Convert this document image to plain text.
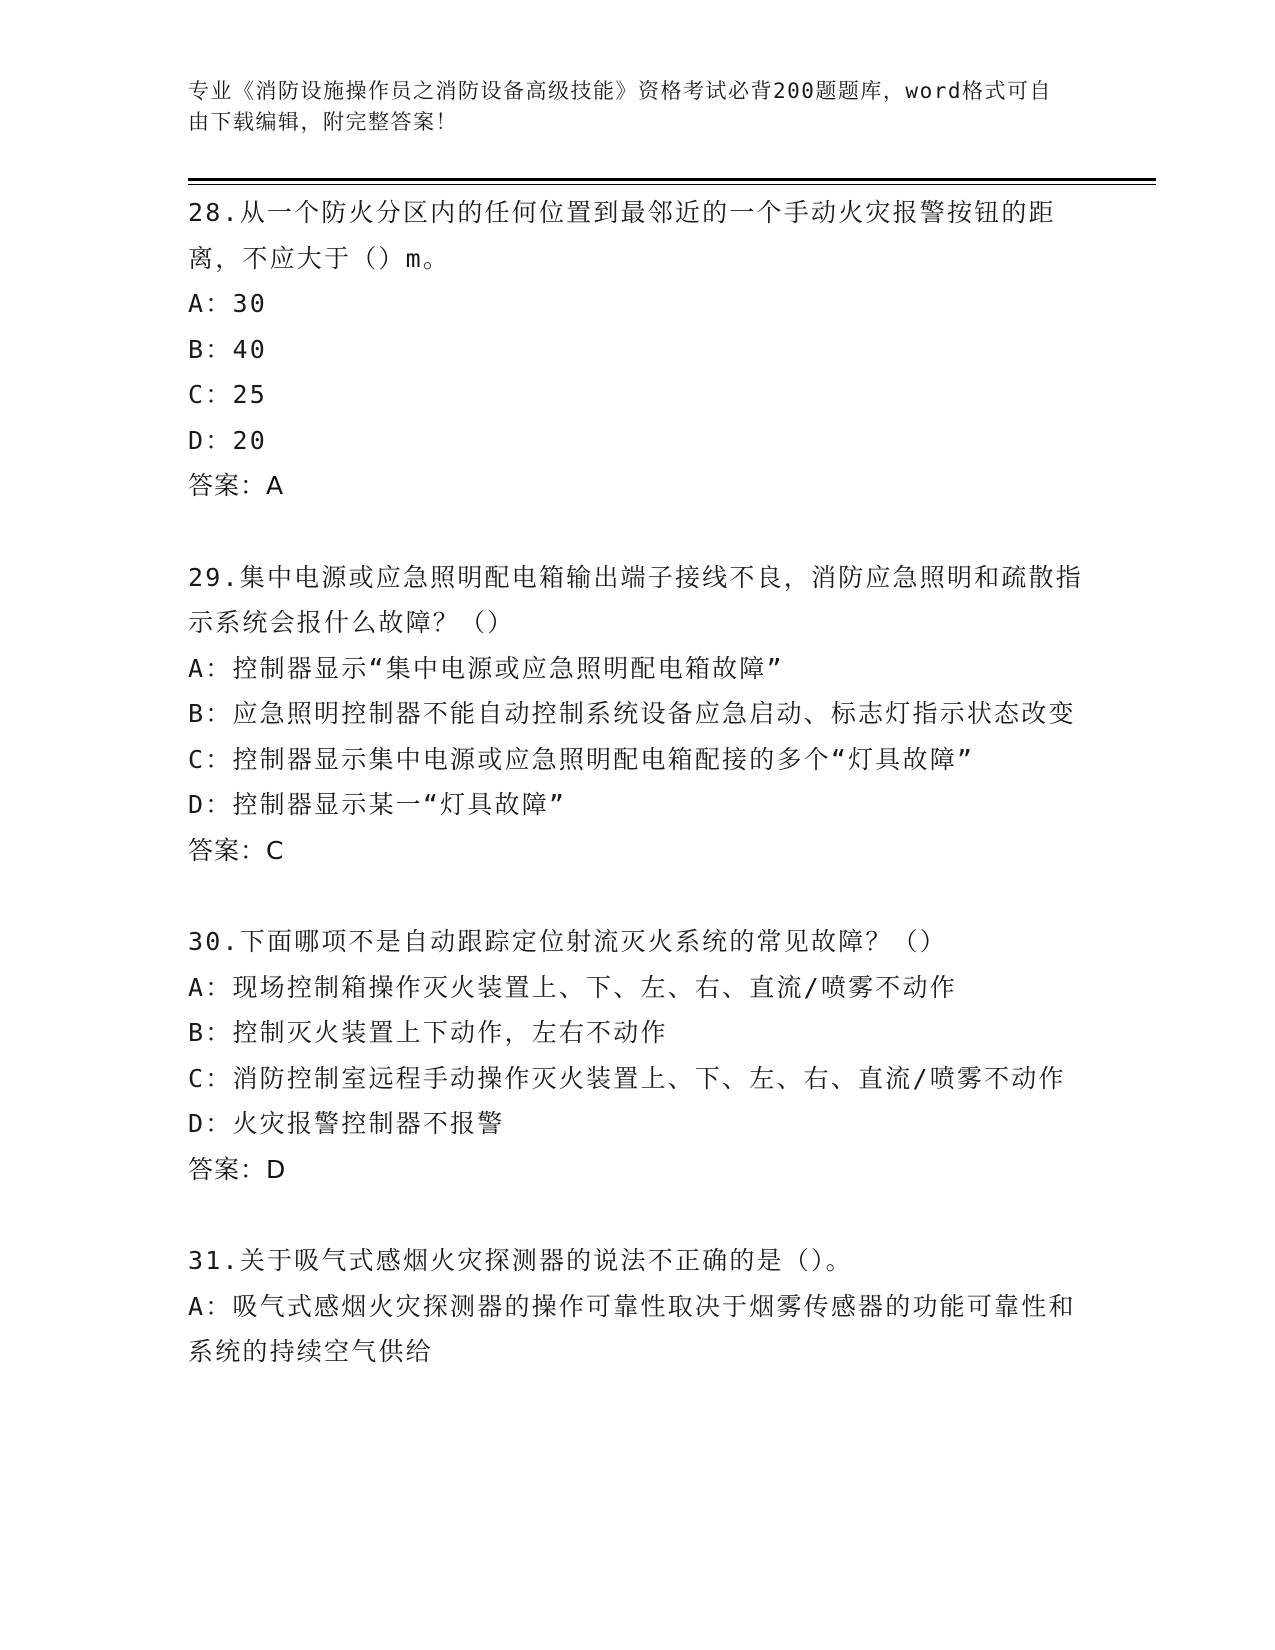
专业《消防设施操作员之消防设备高级技能》资格考试必背200题题库，word格式可自由下载编辑，附完整答案！
28.从一个防火分区内的任何位置到最邻近的一个手动火灾报警按钮的距离，不应大于（）m。
A：30
B：40
C：25
D：20
答案：A
29.集中电源或应急照明配电箱输出端子接线不良，消防应急照明和疏散指示系统会报什么故障？（）
A：控制器显示“集中电源或应急照明配电箱故障”
B：应急照明控制器不能自动控制系统设备应急启动、标志灯指示状态改变
C：控制器显示集中电源或应急照明配电箱配接的多个“灯具故障”
D：控制器显示某一“灯具故障”
答案：C
30.下面哪项不是自动跟踪定位射流灭火系统的常见故障？（）
A：现场控制箱操作灭火装置上、下、左、右、直流/喷雾不动作
B：控制灭火装置上下动作，左右不动作
C：消防控制室远程手动操作灭火装置上、下、左、右、直流/喷雾不动作
D：火灾报警控制器不报警
答案：D
31.关于吸气式感烟火灾探测器的说法不正确的是（）。
A：吸气式感烟火灾探测器的操作可靠性取决于烟雾传感器的功能可靠性和系统的持续空气供给
